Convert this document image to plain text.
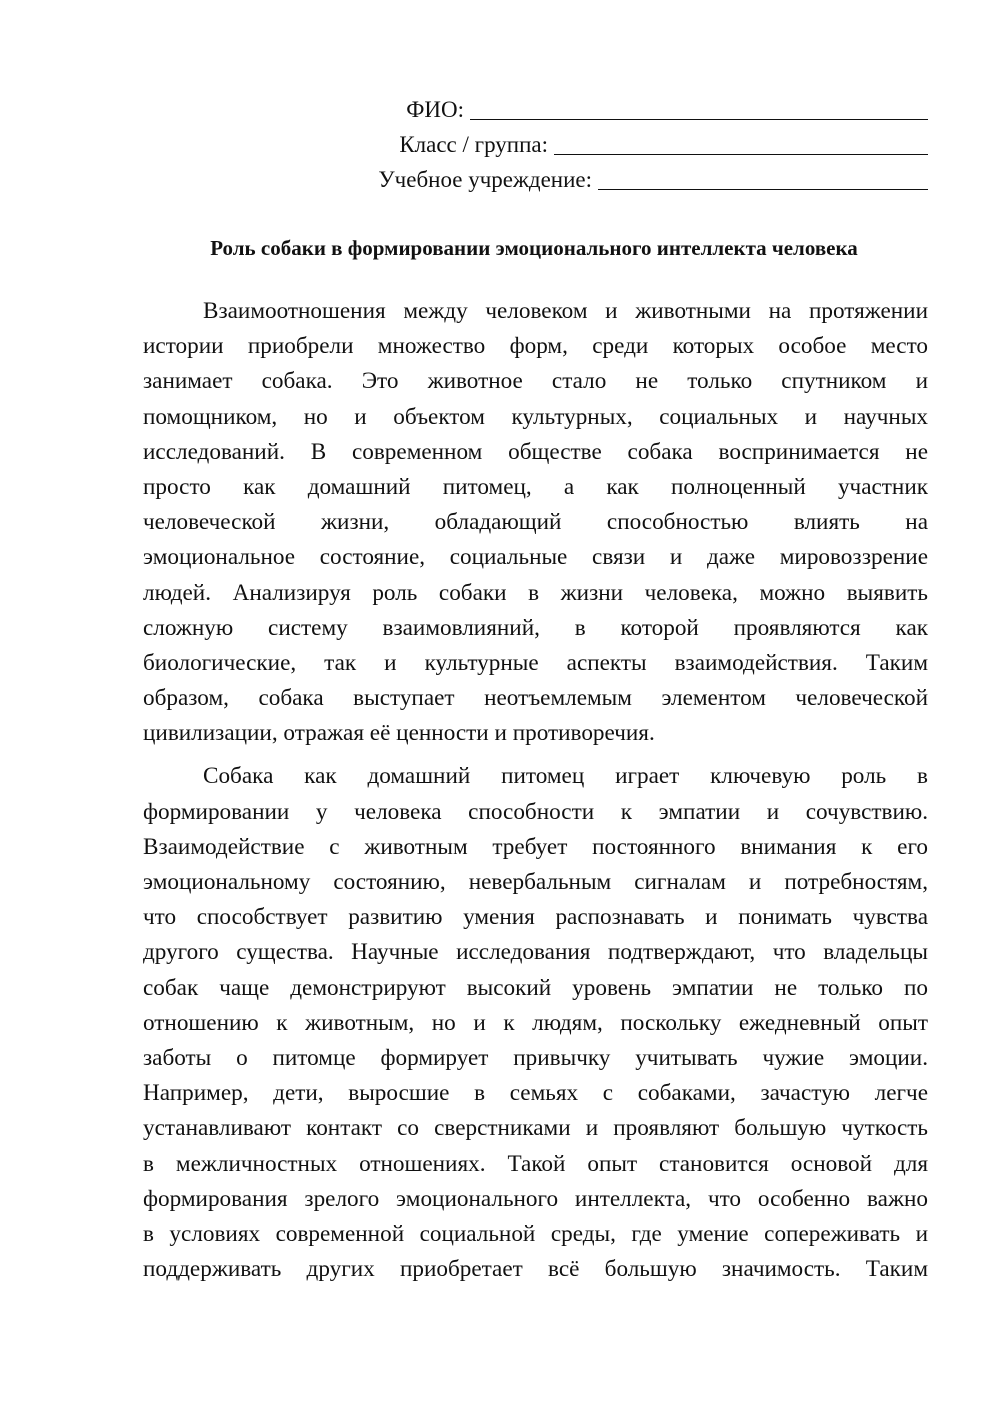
ФИО:
Класс / группа:
Учебное учреждение:
Роль собаки в формировании эмоционального интеллекта человека
Взаимоотношения между человеком и животными на протяжении
истории приобрели множество форм, среди которых особое место
занимает собака. Это животное стало не только спутником и
помощником, но и объектом культурных, социальных и научных
исследований. В современном обществе собака воспринимается не
просто как домашний питомец, а как полноценный участник
человеческой жизни, обладающий способностью влиять на
эмоциональное состояние, социальные связи и даже мировоззрение
людей. Анализируя роль собаки в жизни человека, можно выявить
сложную систему взаимовлияний, в которой проявляются как
биологические, так и культурные аспекты взаимодействия. Таким
образом, собака выступает неотъемлемым элементом человеческой
цивилизации, отражая её ценности и противоречия.
Собака как домашний питомец играет ключевую роль в
формировании у человека способности к эмпатии и сочувствию.
Взаимодействие с животным требует постоянного внимания к его
эмоциональному состоянию, невербальным сигналам и потребностям,
что способствует развитию умения распознавать и понимать чувства
другого существа. Научные исследования подтверждают, что владельцы
собак чаще демонстрируют высокий уровень эмпатии не только по
отношению к животным, но и к людям, поскольку ежедневный опыт
заботы о питомце формирует привычку учитывать чужие эмоции.
Например, дети, выросшие в семьях с собаками, зачастую легче
устанавливают контакт со сверстниками и проявляют большую чуткость
в межличностных отношениях. Такой опыт становится основой для
формирования зрелого эмоционального интеллекта, что особенно важно
в условиях современной социальной среды, где умение сопереживать и
поддерживать других приобретает всё большую значимость. Таким
